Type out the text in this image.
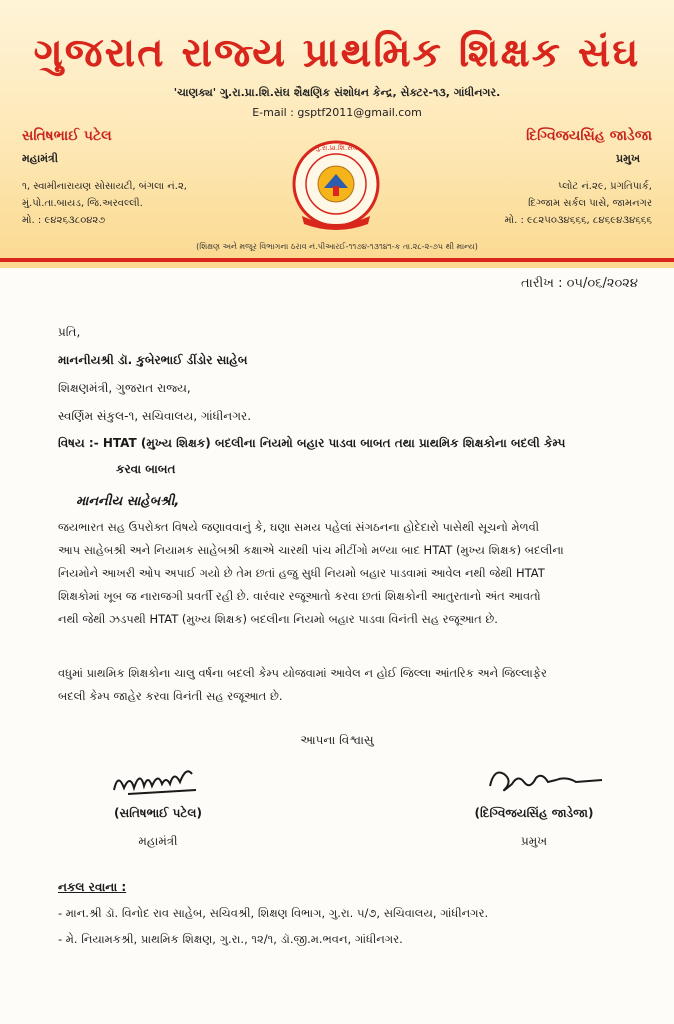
ગુજરાત રાજ્ય પ્રાથમિક શિક્ષક સંઘ
'ચાણક્ય' ગુ.રા.પ્રા.શિ.સંઘ શૈક્ષણિક સંશોધન કેન્દ્ર, સેક્ટર-૧૩, ગાંધીનગર.
E-mail : gsptf2011@gmail.com
સતિષભાઈ પટેલ
મહામંત્રી
૧, સ્વામીનારાયણ સોસાયટી, બંગલા નં.૨,
મું.પો.તા.બાયડ, જિ.અરવલ્લી.
મો. : ૯૪૨૬૩૮૦૪૨૭
દિગ્વિજયસિંહ જાડેજા
પ્રમુખ
પ્લોટ નં.૨૯, પ્રગતિપાર્ક,
દિગ્જામ સર્કલ પાસે, જામનગર
મો. : ૯૮૨૫૦૩૪૬૬૬, ૮૪૬૯૪૩૪૬૬૬
ગુ.રા.પ્રા.શિ.સંઘ
(શિક્ષણ અને મજૂર વિભાગના ઠરાવ નં.પીઆરઈ-૧૧૭૪-૧૩૧૪૧-ક તા.૨૮-૨-૭૫ થી માન્ય)
તારીખ : ૦૫/૦૬/૨૦૨૪
પ્રતિ,
માનનીયશ્રી ડૉ. કુબેરભાઈ ડીંડોર સાહેબ
શિક્ષણમંત્રી, ગુજરાત રાજ્ય,
સ્વર્ણિમ સંકુલ-૧, સચિવાલય, ગાંધીનગર.
વિષય :- HTAT (મુખ્ય શિક્ષક) બદલીના નિયમો બહાર પાડવા બાબત તથા પ્રાથમિક શિક્ષકોના બદલી કેમ્પ
કરવા બાબત
માનનીય સાહેબશ્રી,
જયભારત સહ ઉપરોક્ત વિષયે જણાવવાનું કે, ઘણા સમય પહેલાં સંગઠનના હોદેદારો પાસેથી સૂચનો મેળવી
આપ સાહેબશ્રી અને નિયામક સાહેબશ્રી કક્ષાએ ચારથી પાંચ મીટીંગો મળ્યા બાદ HTAT (મુખ્ય શિક્ષક) બદલીના
નિયમોને આખરી ઓપ અપાઈ ગયો છે તેમ છતાં હજુ સુધી નિયમો બહાર પાડવામાં આવેલ નથી જેથી HTAT
શિક્ષકોમાં ખૂબ જ નારાજગી પ્રવર્તી રહી છે. વારંવાર રજૂઆતો કરવા છતાં શિક્ષકોની આતુરતાનો અંત આવતો
નથી જેથી ઝડપથી HTAT (મુખ્ય શિક્ષક) બદલીના નિયમો બહાર પાડવા વિનંતી સહ રજૂઆત છે.
વધુમાં પ્રાથમિક શિક્ષકોના ચાલુ વર્ષના બદલી કેમ્પ યોજવામાં આવેલ ન હોઈ જિલ્લા આંતરિક અને જિલ્લાફેર
બદલી કેમ્પ જાહેર કરવા વિનંતી સહ રજૂઆત છે.
આપના વિશ્વાસુ
(સતિષભાઈ પટેલ)
મહામંત્રી
(દિગ્વિજયસિંહ જાડેજા)
પ્રમુખ
નકલ રવાના :
- માન.શ્રી ડૉ. વિનોદ રાવ સાહેબ, સચિવશ્રી, શિક્ષણ વિભાગ, ગુ.રા. ૫/૭, સચિવાલય, ગાંધીનગર.
- મે. નિયામકશ્રી, પ્રાથમિક શિક્ષણ, ગુ.રા., ૧૨/૧, ડૉ.જી.મ.ભવન, ગાંધીનગર.
